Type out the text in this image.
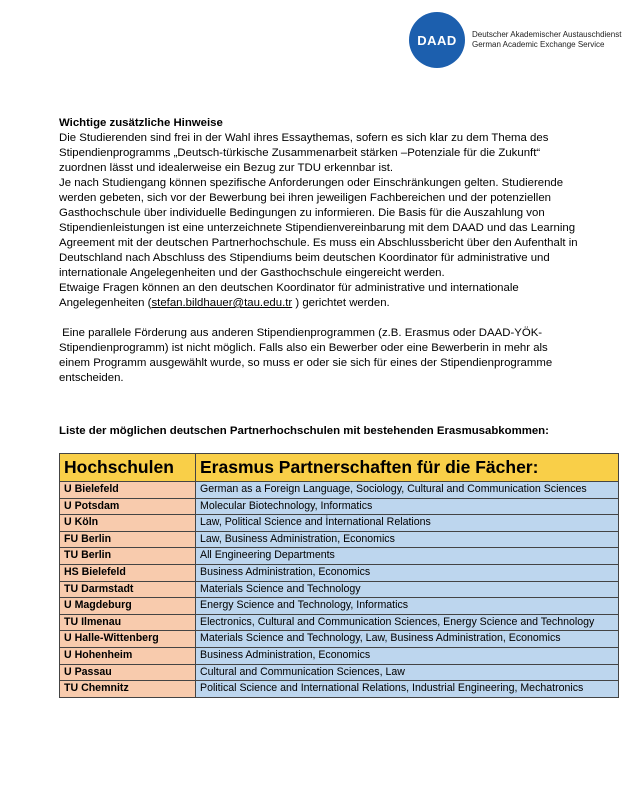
DAAD	Deutscher Akademischer Austauschdienst
German Academic Exchange Service

Wichtige zusätzliche Hinweise

Die Studierenden sind frei in der Wahl ihres Essaythemas, sofern es sich klar zu dem Thema des Stipendienprogramms „Deutsch-türkische Zusammenarbeit stärken –Potenziale für die Zukunft“ zuordnen lässt und idealerweise ein Bezug zur TDU erkennbar ist.

Je nach Studiengang können spezifische Anforderungen oder Einschränkungen gelten. Studierende werden gebeten, sich vor der Bewerbung bei ihren jeweiligen Fachbereichen und der potenziellen Gasthochschule über individuelle Bedingungen zu informieren. Die Basis für die Auszahlung von Stipendienleistungen ist eine unterzeichnete Stipendienvereinbarung mit dem DAAD und das Learning Agreement mit der deutschen Partnerhochschule. Es muss ein Abschlussbericht über den Aufenthalt in Deutschland nach Abschluss des Stipendiums beim deutschen Koordinator für administrative und internationale Angelegenheiten und der Gasthochschule eingereicht werden.

Etwaige Fragen können an den deutschen Koordinator für administrative und internationale Angelegenheiten (stefan.bildhauer@tau.edu.tr ) gerichtet werden.

Eine parallele Förderung aus anderen Stipendienprogrammen (z.B. Erasmus oder DAAD-YÖK-Stipendienprogramm) ist nicht möglich. Falls also ein Bewerber oder eine Bewerberin in mehr als einem Programm ausgewählt wurde, so muss er oder sie sich für eines der Stipendienprogramme entscheiden.

Liste der möglichen deutschen Partnerhochschulen mit bestehenden Erasmusabkommen:
Hochschulen	Erasmus Partnerschaften für die Fächer:
U Bielefeld	German as a Foreign Language, Sociology, Cultural and Communication Sciences
U Potsdam	Molecular Biotechnology, Informatics
U Köln	Law, Political Science and İnternational Relations
FU Berlin	Law, Business Administration, Economics
TU Berlin	All Engineering Departments
HS Bielefeld	Business Administration, Economics
TU Darmstadt	Materials Science and Technology
U Magdeburg	Energy Science and Technology, Informatics
TU Ilmenau	Electronics, Cultural and Communication Sciences, Energy Science and Technology
U Halle-Wittenberg	Materials Science and Technology, Law, Business Administration, Economics
U Hohenheim	Business Administration, Economics
U Passau	Cultural and Communication Sciences, Law
TU Chemnitz	Political Science and International Relations, Industrial Engineering, Mechatronics
